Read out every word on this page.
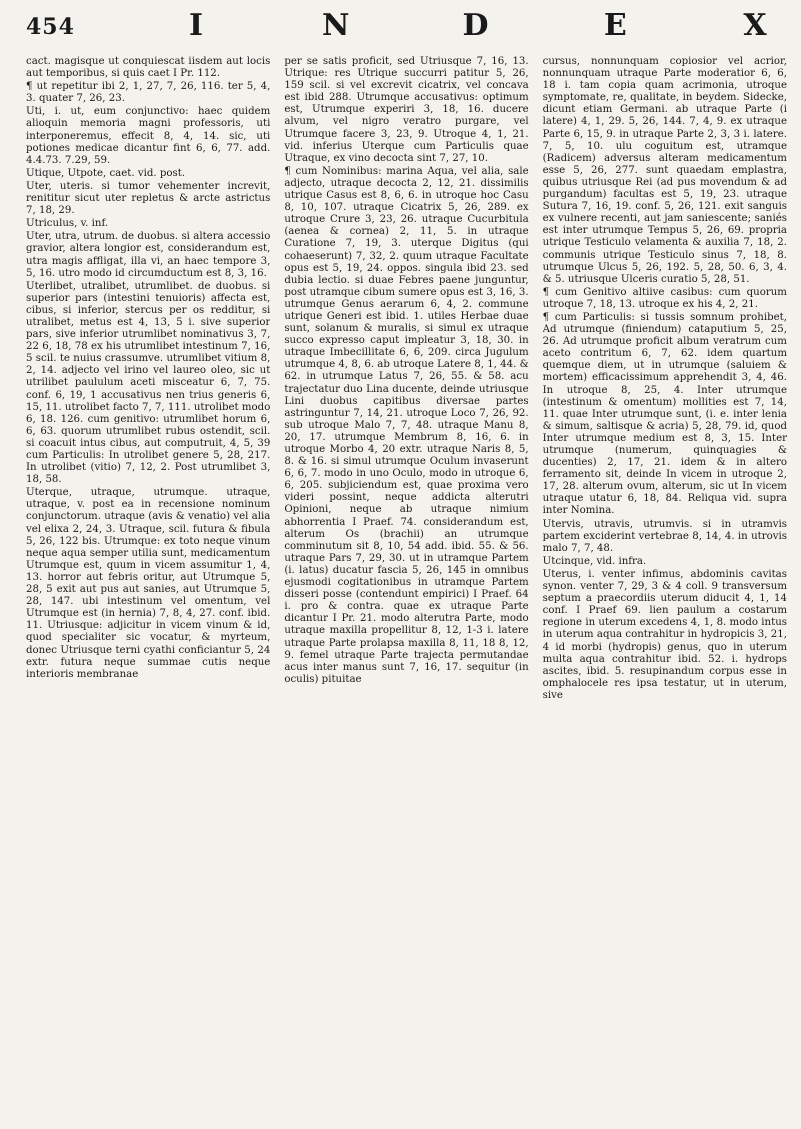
454	I	N	D	E	X

cact. magisque ut conquiescat iisdem aut locis aut temporibus, si quis caet I Pr. 112.

¶ ut repetitur ibi 2, 1, 27, 7, 26, 116. ter 5, 4, 3. quater 7, 26, 23.

Uti, i. ut, eum conjunctivo: haec quidem alioquin memoria magni professoris, uti interponeremus, effecit 8, 4, 14. sic, uti potiones medicae dicantur fint 6, 6, 77. add. 4.4.73. 7.29, 59.

Utique, Utpote, caet. vid. post.

Uter, uteris. si tumor vehementer increvit, renititur sicut uter repletus & arcte astrictus 7, 18, 29.

Utriculus, v. inf.

Uter, utra, utrum. de duobus. si altera accessio gravior, altera longior est, considerandum est, utra magis affligat, illa vi, an haec tempore 3, 5, 16. utro modo id circumductum est 8, 3, 16.

Uterlibet, utralibet, utrumlibet. de duobus. si superior pars (intestini tenuioris) affecta est, cibus, si inferior, stercus per os redditur, si utralibet, metus est 4, 13, 5 i. sive superior pars, sive inferior utrumlibet nominativus 3, 7, 22 6, 18, 78 ex his utrumlibet intestinum 7, 16, 5 scil. te nuius crassumve. utrumlibet vitium 8, 2, 14. adjecto vel irino vel laureo oleo, sic ut utrilibet paululum aceti misceatur 6, 7, 75. conf. 6, 19, 1 accusativus nen trius generis 6, 15, 11. utrolibet facto 7, 7, 111. utrolibet modo 6, 18. 126. cum genitivo: utrumlibet horum 6, 6, 63. quorum utrumlibet rubus ostendit, scil. si coacuit intus cibus, aut computruit, 4, 5, 39 cum Particulis: In utrolibet genere 5, 28, 217. In utrolibet (vitio) 7, 12, 2. Post utrumlibet 3, 18, 58.

Uterque, utraque, utrumque. utraque, utraque, v. post ea in recensione nominum conjunctorum. utraque (avis & venatio) vel alia vel elixa 2, 24, 3. Utraque, scil. futura & fibula 5, 26, 122 bis. Utrumque: ex toto neque vinum neque aqua semper utilia sunt, medicamentum Utrumque est, quum in vicem assumitur 1, 4, 13. horror aut febris oritur, aut Utrumque 5, 28, 5 exit aut pus aut sanies, aut Utrumque 5, 28, 147. ubi intestinum vel omentum, vel Utrumque est (in hernia) 7, 8, 4, 27. conf. ibid. 11. Utriusque: adjicitur in vicem vinum & id, quod specialiter sic vocatur, & myrteum, donec Utriusque terni cyathi conficiantur 5, 24 extr. futura neque summae cutis neque interioris membranae

per se satis proficit, sed Utriusque 7, 16, 13. Utrique: res Utrique succurri patitur 5, 26, 159 scil. si vel excrevit cicatrix, vel concava est ibid 288. Utrumque accusativus: optimum est, Utrumque experiri 3, 18, 16. ducere alvum, vel nigro veratro purgare, vel Utrumque facere 3, 23, 9. Utroque 4, 1, 21. vid. inferius Uterque cum Particulis quae Utraque, ex vino decocta sint 7, 27, 10.

¶ cum Nominibus: marina Aqua, vel alia, sale adjecto, utraque decocta 2, 12, 21. dissimilis utrique Casus est 8, 6, 6. in utroque hoc Casu 8, 10, 107. utraque Cicatrix 5, 26, 289. ex utroque Crure 3, 23, 26. utraque Cucurbitula (aenea & cornea) 2, 11, 5. in utraque Curatione 7, 19, 3. uterque Digitus (qui cohaeserunt) 7, 32, 2. quum utraque Facultate opus est 5, 19, 24. oppos. singula ibid 23. sed dubia lectio. si duae Febres paene junguntur, post utramque cibum sumere opus est 3, 16, 3. utrumque Genus aerarum 6, 4, 2. commune utrique Generi est ibid. 1. utiles Herbae duae sunt, solanum & muralis, si simul ex utraque succo expresso caput impleatur 3, 18, 30. in utraque Imbecillitate 6, 6, 209. circa Jugulum utrumque 4, 8, 6. ab utroque Latere 8, 1, 44. & 62. in utrumque Latus 7, 26, 55. & 58. acu trajectatur duo Lina ducente, deinde utriusque Lini duobus capitibus diversae partes astringuntur 7, 14, 21. utroque Loco 7, 26, 92. sub utroque Malo 7, 7, 48. utraque Manu 8, 20, 17. utrumque Membrum 8, 16, 6. in utroque Morbo 4, 20 extr. utraque Naris 8, 5, 8. & 16. si simul utrumque Oculum invaserunt 6, 6, 7. modo in uno Oculo, modo in utroque 6, 6, 205. subjiciendum est, quae proxima vero videri possint, neque addicta alterutri Opinioni, neque ab utraque nimium abhorrentia I Praef. 74. considerandum est, alterum Os (brachii) an utrumque comminutum sit 8, 10, 54 add. ibid. 55. & 56. utraque Pars 7, 29, 30. ut in utramque Partem (i. latus) ducatur fascia 5, 26, 145 in omnibus ejusmodi cogitationibus in utramque Partem disseri posse (contendunt empirici) I Praef. 64 i. pro & contra. quae ex utraque Parte dicantur I Pr. 21. modo alterutra Parte, modo utraque maxilla propellitur 8, 12, 1-3 i. latere utraque Parte prolapsa maxilla 8, 11, 18 8, 12, 9. femel utraque Parte trajecta permutandae acus inter manus sunt 7, 16, 17. sequitur (in oculis) pituitae

cursus, nonnunquam copiosior vel acrior, nonnunquam utraque Parte moderatior 6, 6, 18 i. tam copia quam acrimonia, utroque symptomate, re, qualitate, in beydem. Sidecke, dicunt etiam Germani. ab utraque Parte (i latere) 4, 1, 29. 5, 26, 144. 7, 4, 9. ex utraque Parte 6, 15, 9. in utraque Parte 2, 3, 3 i. latere. 7, 5, 10. ulu coguitum est, utramque (Radicem) adversus alteram medicamentum esse 5, 26, 277. sunt quaedam emplastra, quibus utriusque Rei (ad pus movendum & ad purgandum) facultas est 5, 19, 23. utraque Sutura 7, 16, 19. conf. 5, 26, 121. exit sanguis ex vulnere recenti, aut jam saniescente; saniés est inter utrumque Tempus 5, 26, 69. propria utrique Testiculo velamenta & auxilia 7, 18, 2. communis utrique Testiculo sinus 7, 18, 8. utrumque Ulcus 5, 26, 192. 5, 28, 50. 6, 3, 4. & 5. utriusque Ulceris curatio 5, 28, 51.

¶ cum Genitivo altiive casibus: cum quorum utroque 7, 18, 13. utroque ex his 4, 2, 21.

¶ cum Particulis: si tussis somnum prohibet, Ad utrumque (finiendum) cataputium 5, 25, 26. Ad utrumque proficit album veratrum cum aceto contritum 6, 7, 62. idem quartum quemque diem, ut in utrumque (saluiem & mortem) efficacissimum apprehendit 3, 4, 46. In utroque 8, 25, 4. Inter utrumque (intestinum & omentum) mollities est 7, 14, 11. quae Inter utrumque sunt, (i. e. inter lenia & simum, saltisque & acria) 5, 28, 79. id, quod Inter utrumque medium est 8, 3, 15. Inter utrumque (numerum, quinquagies & ducenties) 2, 17, 21. idem & in altero ferramento sit, deinde In vicem in utroque 2, 17, 28. alterum ovum, alterum, sic ut In vicem utraque utatur 6, 18, 84. Reliqua vid. supra inter Nomina.

Utervis, utravis, utrumvis. si in utramvis partem exciderint vertebrae 8, 14, 4. in utrovis malo 7, 7, 48.

Utcinque, vid. infra.

Uterus, i. venter infimus, abdominis cavitas synon. venter 7, 29, 3 & 4 coll. 9 transversum septum a praecordiis uterum diducit 4, 1, 14 conf. I Praef 69. lien paulum a costarum regione in uterum excedens 4, 1, 8. modo intus in uterum aqua contrahitur in hydropicis 3, 21, 4 id morbi (hydropis) genus, quo in uterum multa aqua contrahitur ibid. 52. i. hydrops ascites, ibid. 5. resupinandum corpus esse in omphalocele res ipsa testatur, ut in uterum, sive
